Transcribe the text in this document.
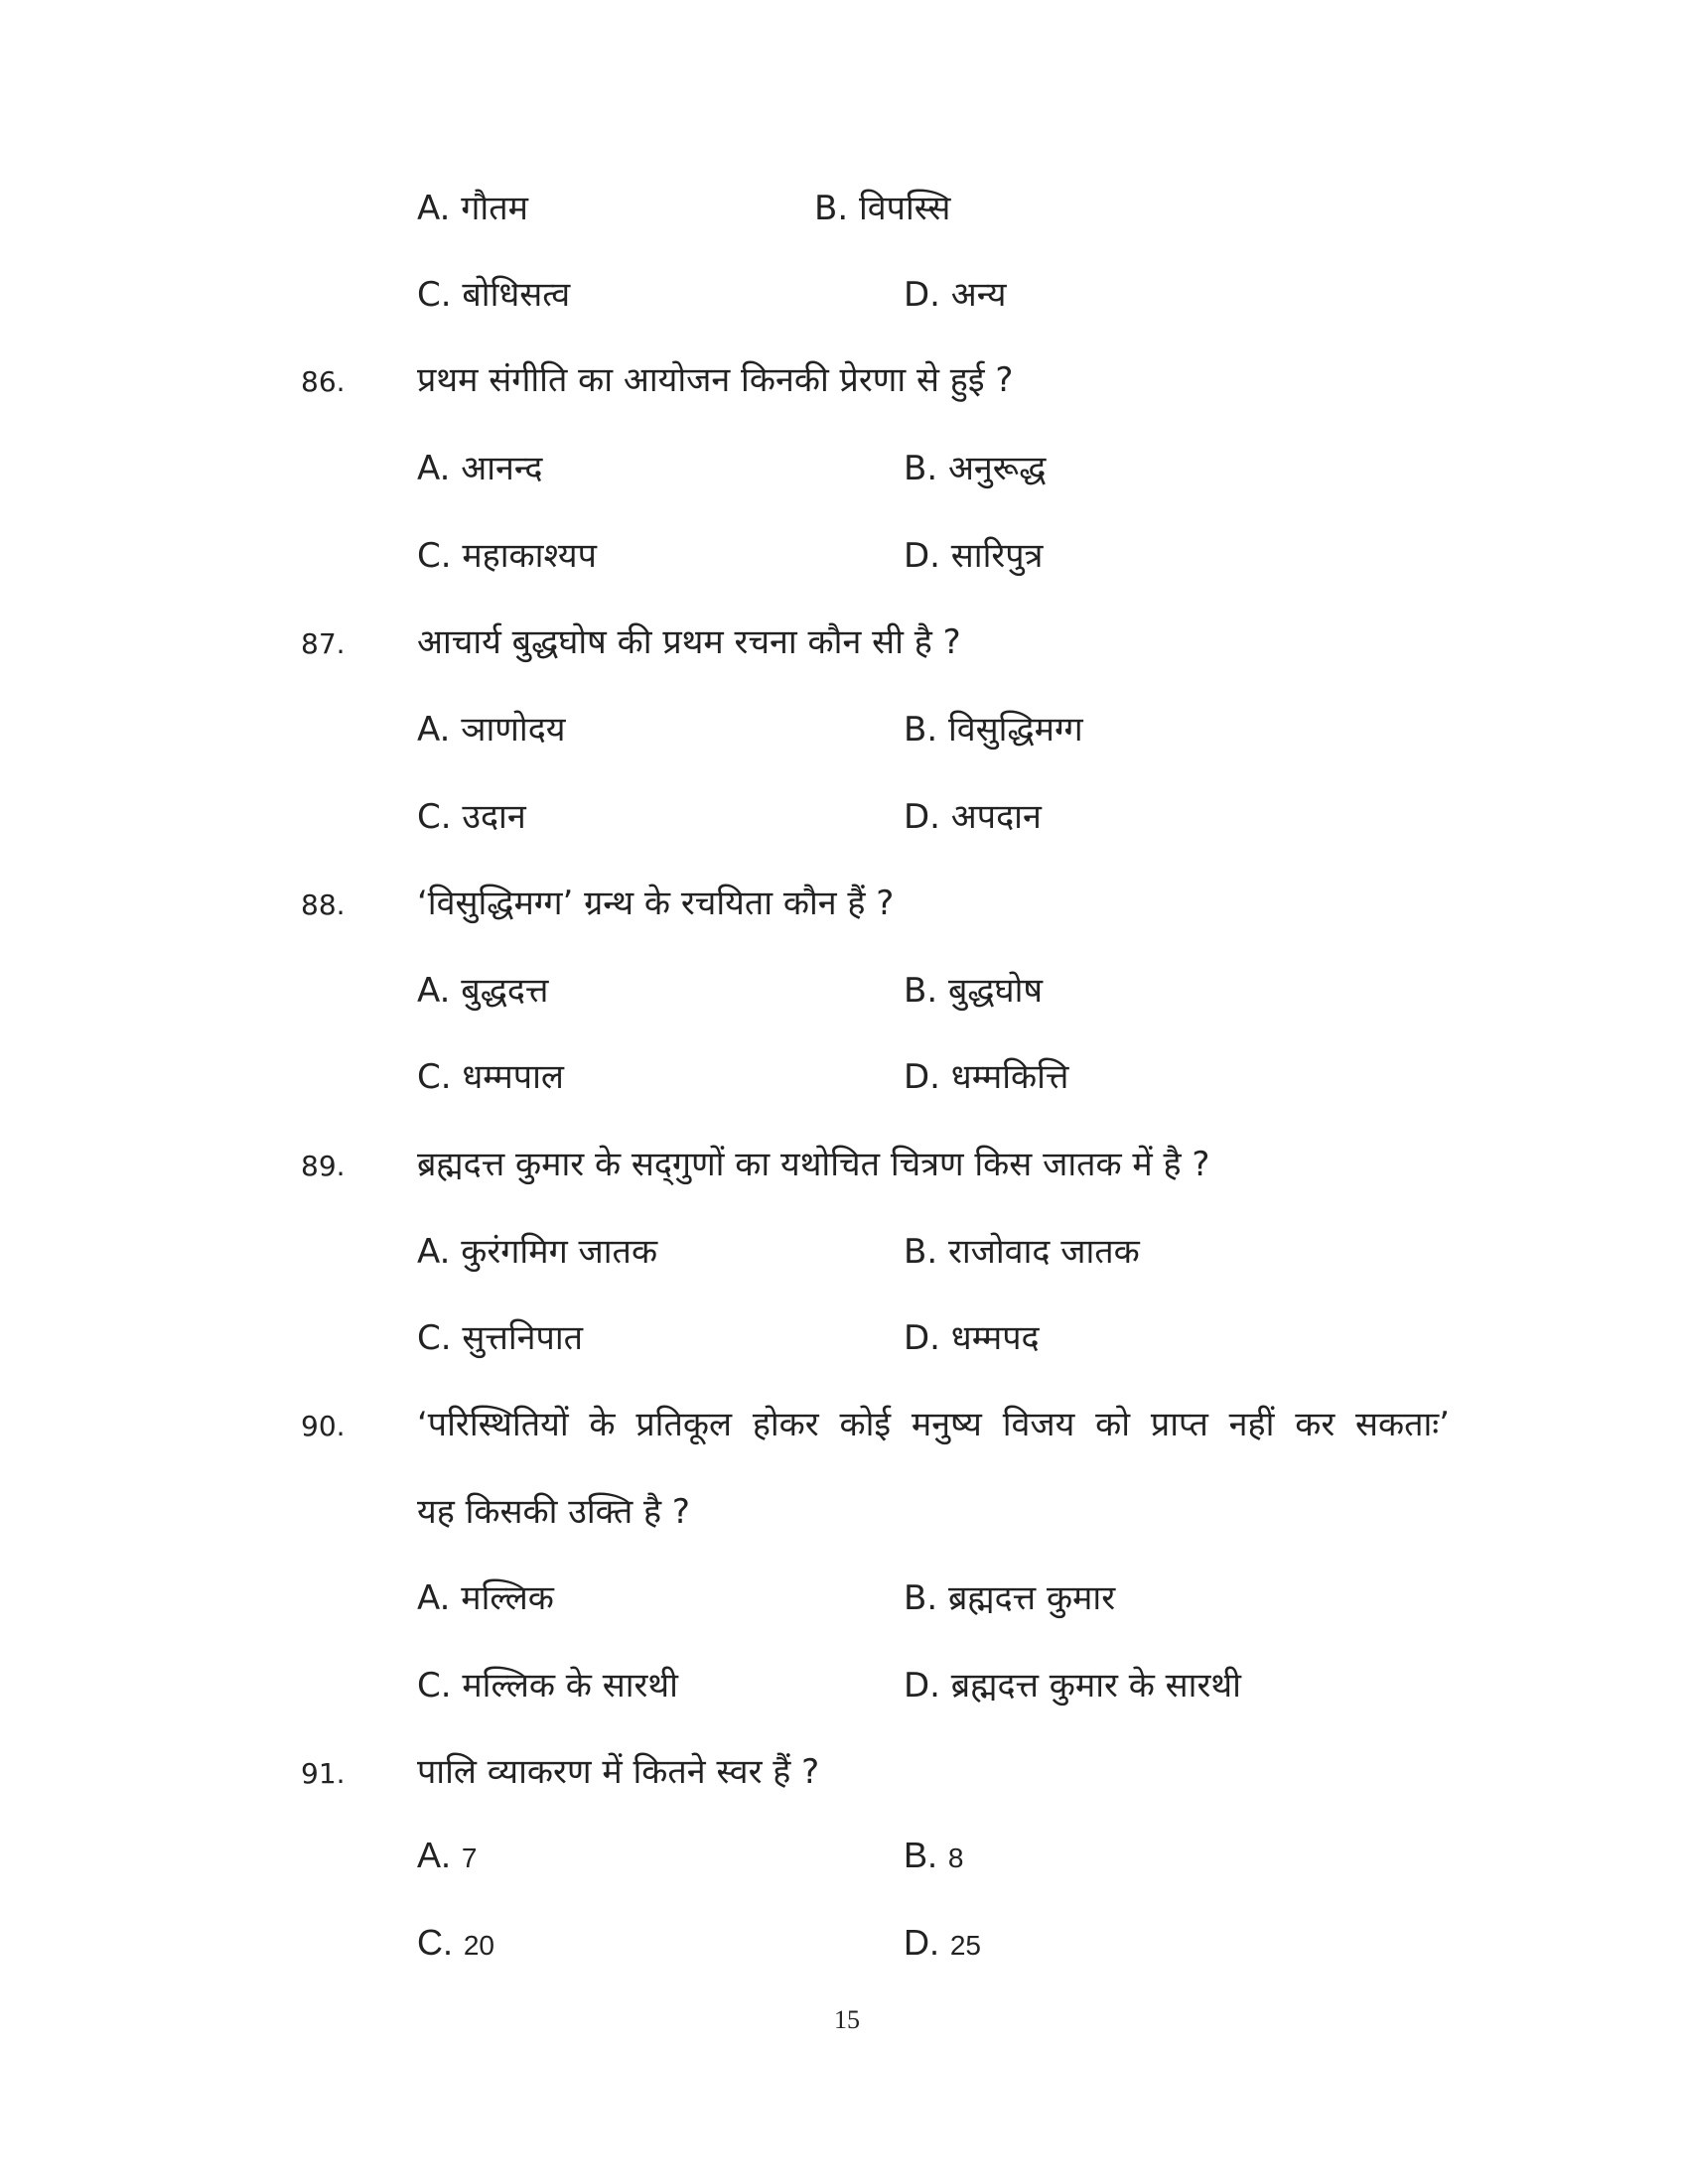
A. गौतम	B. विपस्सि
C. बोधिसत्व	D. अन्य
86. प्रथम संगीति का आयोजन किनकी प्रेरणा से हुई ?
A. आनन्द	B. अनुरूद्ध
C. महाकाश्यप	D. सारिपुत्र
87. आचार्य बुद्धघोष की प्रथम रचना कौन सी है ?
A. ञाणोदय	B. विसुद्धिमग्ग
C. उदान	D. अपदान
88. ‘विसुद्धिमग्ग’ ग्रन्थ के रचयिता कौन हैं ?
A. बुद्धदत्त	B. बुद्धघोष
C. धम्मपाल	D. धम्मकित्ति
89. ब्रह्मदत्त कुमार के सद्‌गुणों का यथोचित चित्रण किस जातक में है ?
A. कुरंगमिग जातक	B. राजोवाद जातक
C. सुत्तनिपात	D. धम्मपद
90. ‘परिस्थितियों के प्रतिकूल होकर कोई मनुष्य विजय को प्राप्त नहीं कर सकताः’
यह किसकी उक्ति है ?
A. मल्लिक	B. ब्रह्मदत्त कुमार
C. मल्लिक के सारथी	D. ब्रह्मदत्त कुमार के सारथी
91. पालि व्याकरण में कितने स्वर हैं ?
A. 7	B. 8
C. 20	D. 25
15
